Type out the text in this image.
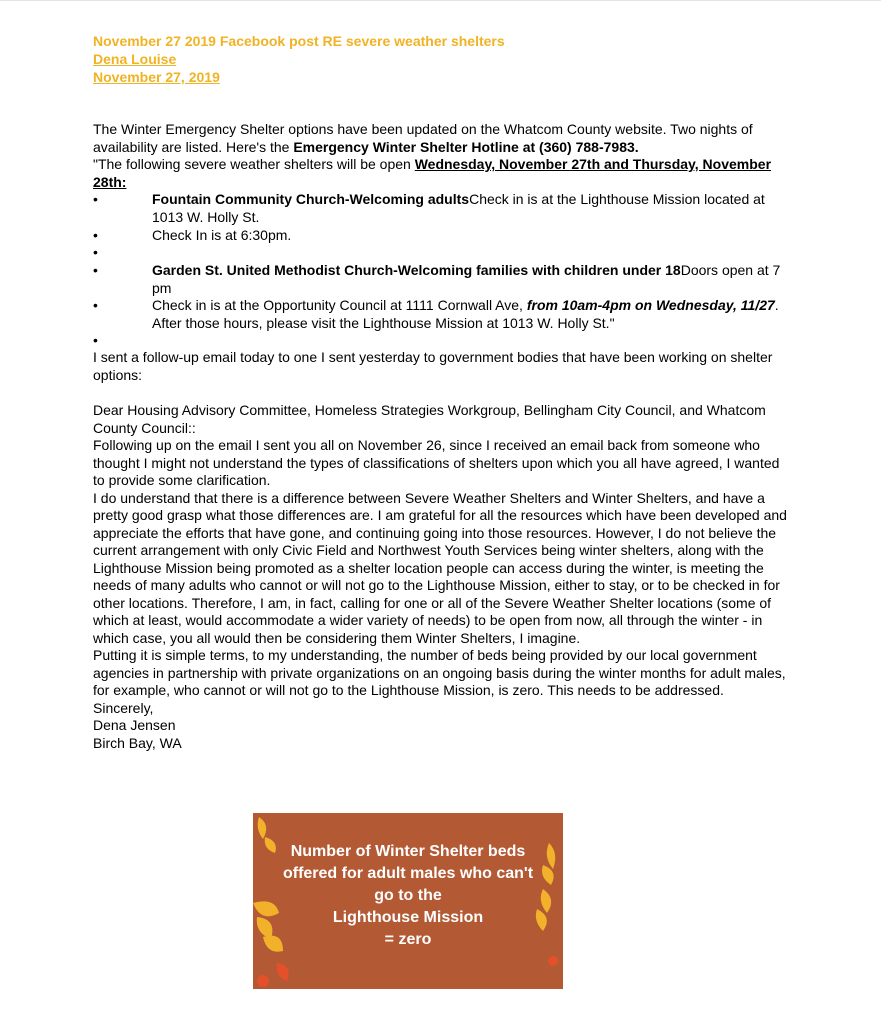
November 27 2019 Facebook post RE severe weather shelters
Dena Louise
November 27, 2019
The Winter Emergency Shelter options have been updated on the Whatcom County website. Two nights of availability are listed. Here's the Emergency Winter Shelter Hotline at (360) 788-7983.
"The following severe weather shelters will be open Wednesday, November 27th and Thursday, November 28th:
•	Fountain Community Church-Welcoming adultsCheck in is at the Lighthouse Mission located at 1013 W. Holly St.
•	Check In is at 6:30pm.
•
•	Garden St. United Methodist Church-Welcoming families with children under 18Doors open at 7 pm
•	Check in is at the Opportunity Council at 1111 Cornwall Ave, from 10am-4pm on Wednesday, 11/27. After those hours, please visit the Lighthouse Mission at 1013 W. Holly St."
•
I sent a follow-up email today to one I sent yesterday to government bodies that have been working on shelter options:

Dear Housing Advisory Committee, Homeless Strategies Workgroup, Bellingham City Council, and Whatcom County Council::

Following up on the email I sent you all on November 26, since I received an email back from someone who thought I might not understand the types of classifications of shelters upon which you all have agreed, I wanted to provide some clarification.

I do understand that there is a difference between Severe Weather Shelters and Winter Shelters, and have a pretty good grasp what those differences are. I am grateful for all the resources which have been developed and appreciate the efforts that have gone, and continuing going into those resources. However, I do not believe the current arrangement with only Civic Field and Northwest Youth Services being winter shelters, along with the Lighthouse Mission being promoted as a shelter location people can access during the winter, is meeting the needs of many adults who cannot or will not go to the Lighthouse Mission, either to stay, or to be checked in for other locations. Therefore, I am, in fact, calling for one or all of the Severe Weather Shelter locations (some of which at least, would accommodate a wider variety of needs) to be open from now, all through the winter - in which case, you all would then be considering them Winter Shelters, I imagine.

Putting it is simple terms, to my understanding, the number of beds being provided by our local government agencies in partnership with private organizations on an ongoing basis during the winter months for adult males, for example, who cannot or will not go to the Lighthouse Mission, is zero. This needs to be addressed.

Sincerely,

Dena Jensen

Birch Bay, WA

Number of Winter Shelter beds
offered for adult males who can't
go to the
Lighthouse Mission
= zero
